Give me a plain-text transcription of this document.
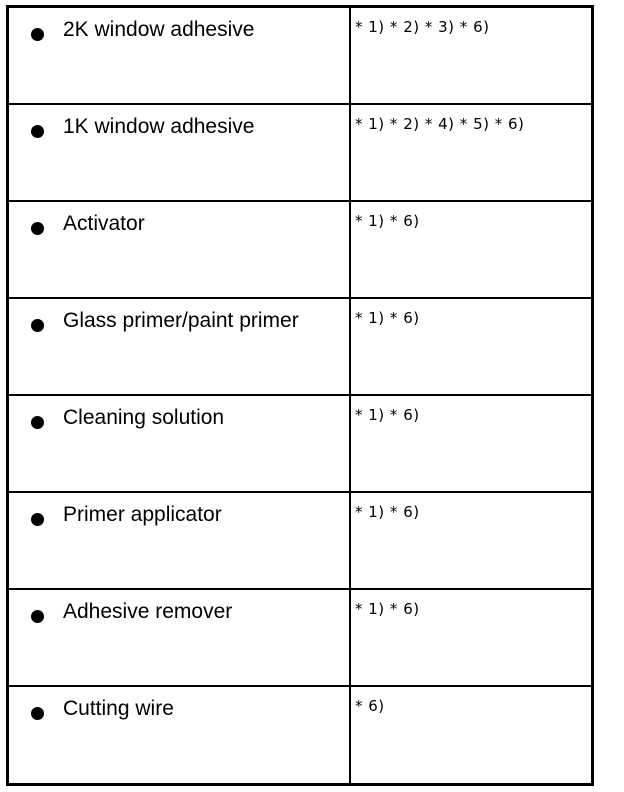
2K window adhesive	* 1) * 2) * 3) * 6)
1K window adhesive	* 1) * 2) * 4) * 5) * 6)
Activator	* 1) * 6)
Glass primer/paint primer	* 1) * 6)
Cleaning solution	* 1) * 6)
Primer applicator	* 1) * 6)
Adhesive remover	* 1) * 6)
Cutting wire	* 6)
